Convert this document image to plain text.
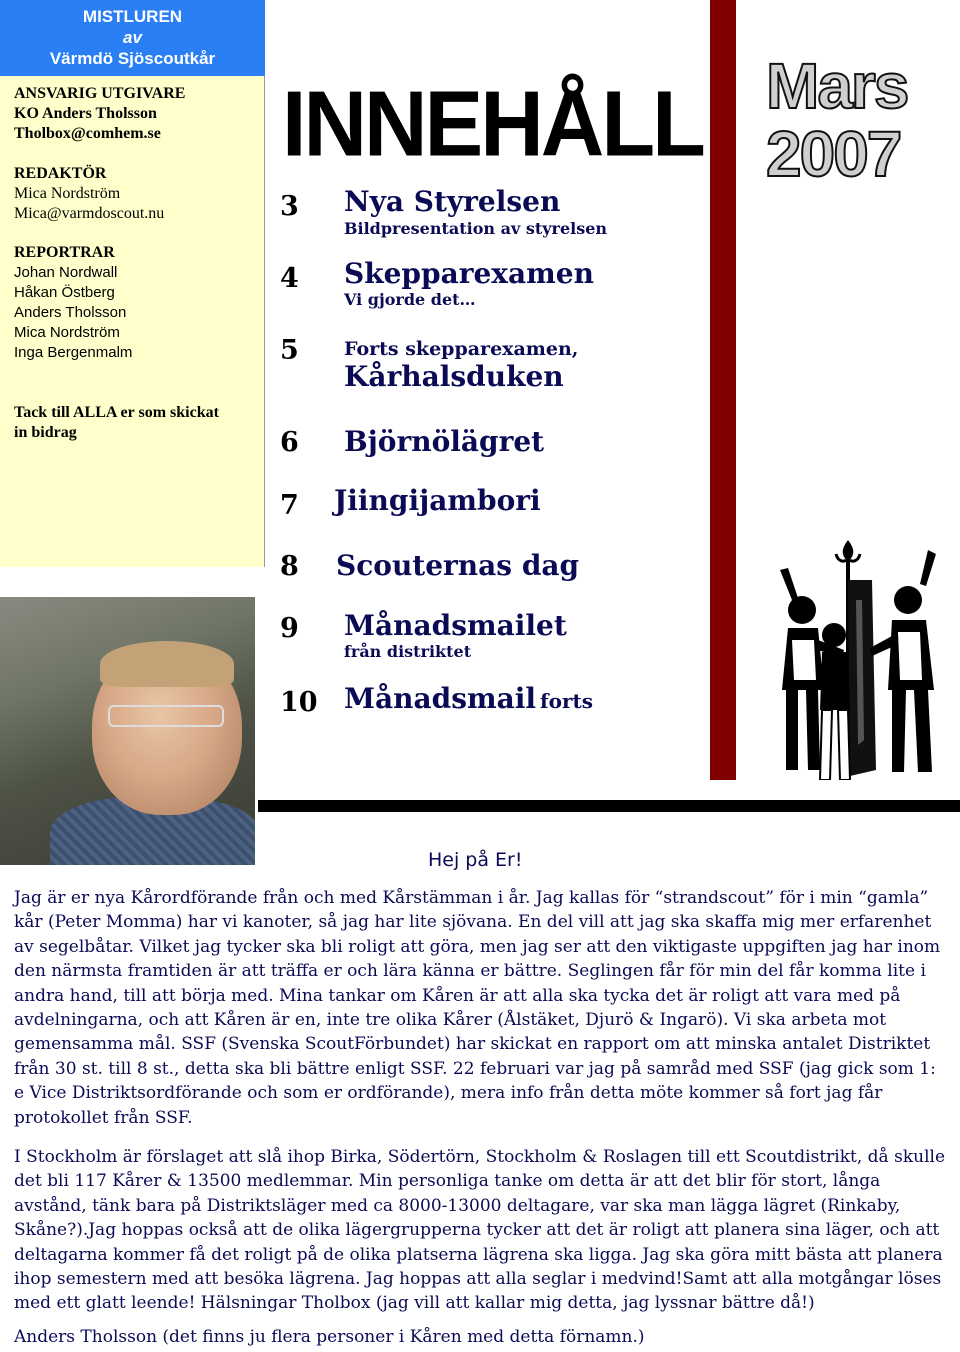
MISTLUREN
av
Värmdö Sjöscoutkår
ANSVARIG UTGIVARE
KO Anders Tholsson
Tholbox@comhem.se
REDAKTÖR
Mica Nordström
Mica@varmdoscout.nu
REPORTRAR
Johan Nordwall
Håkan Östberg
Anders Tholsson
Mica Nordström
Inga Bergenmalm
Tack till ALLA er som skickat
in bidrag
INNEHÅLL Mars 2007
3 Nya Styrelsen
Bildpresentation av styrelsen
4 Skepparexamen
Vi gjorde det…
5 Forts skepparexamen,
Kårhalsduken
6 Björnölägret
7 Jiingijambori
8 Scouternas dag
9 Månadsmailet
från distriktet
10 Månadsmail forts
Hej på Er!
Jag är er nya Kårordförande från och med Kårstämman i år. Jag kallas för “strandscout” för i min “gamla” kår (Peter Momma) har vi kanoter, så jag har lite sjövana. En del vill att jag ska skaffa mig mer erfarenhet av segelbåtar. Vilket jag tycker ska bli roligt att göra, men jag ser att den viktigaste uppgiften jag har inom den närmsta framtiden är att träffa er och lära känna er bättre. Seglingen får för min del får komma lite i andra hand, till att börja med. Mina tankar om Kåren är att alla ska tycka det är roligt att vara med på avdelningarna, och att Kåren är en, inte tre olika Kårer (Ålstäket, Djurö & Ingarö). Vi ska arbeta mot gemensamma mål. SSF (Svenska ScoutFörbundet) har skickat en rapport om att minska antalet Distriktet från 30 st. till 8 st., detta ska bli bättre enligt SSF. 22 februari var jag på samråd med SSF (jag gick som 1: e Vice Distriktsordförande och som er ordförande), mera info från detta möte kommer så fort jag får protokollet från SSF.
I Stockholm är förslaget att slå ihop Birka, Södertörn, Stockholm & Roslagen till ett Scoutdistrikt, då skulle det bli 117 Kårer & 13500 medlemmar. Min personliga tanke om detta är att det blir för stort, långa avstånd, tänk bara på Distriktsläger med ca 8000-13000 deltagare, var ska man lägga lägret (Rinkaby, Skåne?).Jag hoppas också att de olika lägergrupperna tycker att det är roligt att planera sina läger, och att deltagarna kommer få det roligt på de olika platserna lägrena ska ligga. Jag ska göra mitt bästa att planera ihop semestern med att besöka lägrena. Jag hoppas att alla seglar i medvind!Samt att alla motgångar löses med ett glatt leende! Hälsningar Tholbox (jag vill att kallar mig detta, jag lyssnar bättre då!)
Anders Tholsson (det finns ju flera personer i Kåren med detta förnamn.)
